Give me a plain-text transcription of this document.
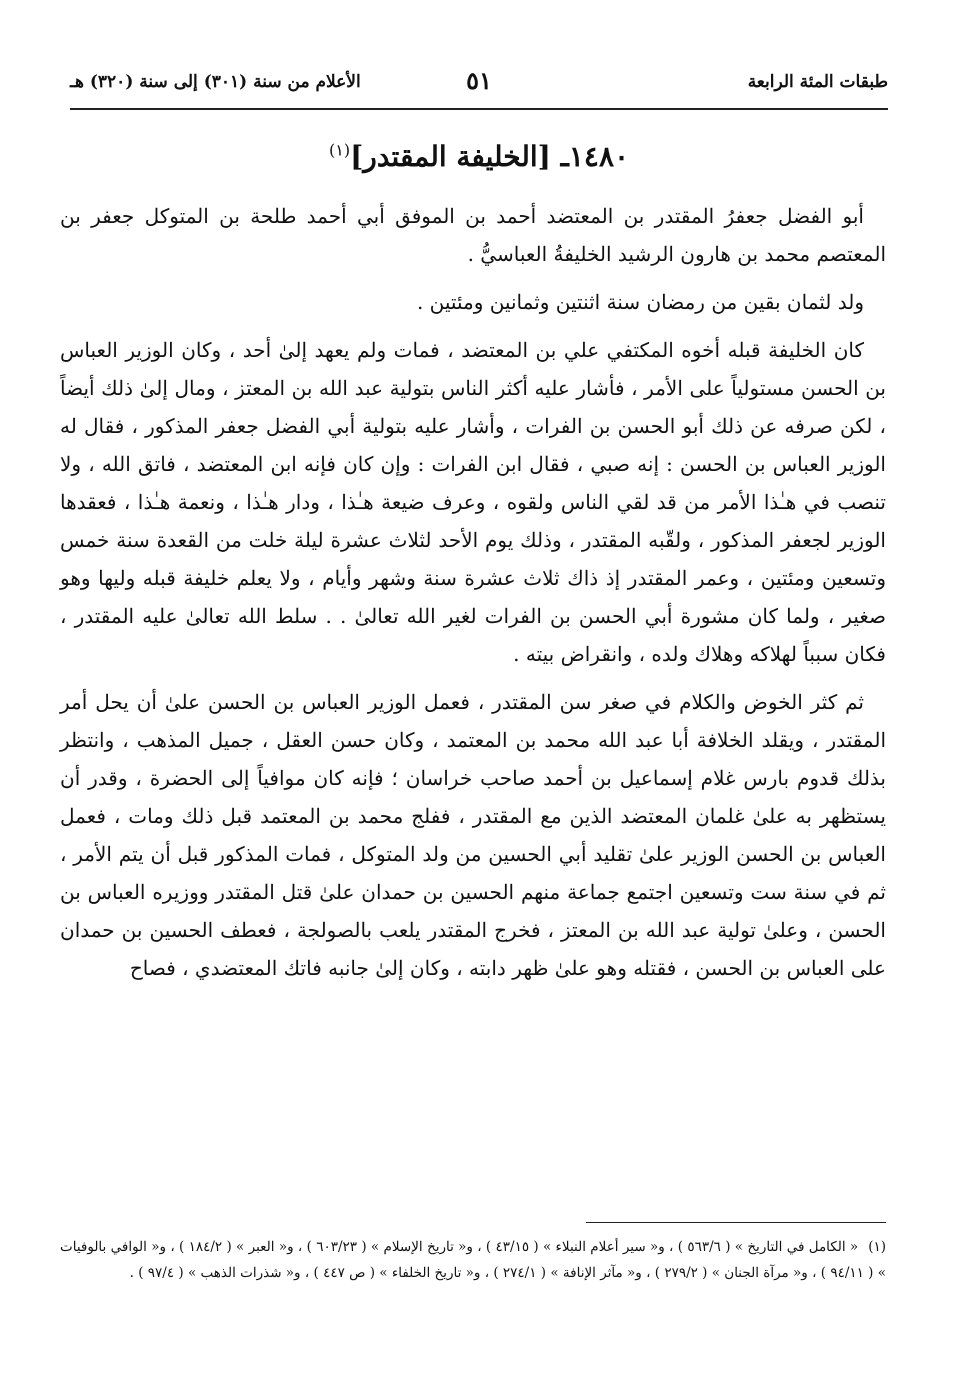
طبقات المئة الرابعة
٥١
الأعلام من سنة (٣٠١) إلى سنة (٣٢٠) هـ
١٤٨٠ـ [الخليفة المقتدر]$^{(١)}$

أبو الفضل جعفرُ المقتدر بن المعتضد أحمد بن الموفق أبي أحمد طلحة بن المتوكل جعفر بن المعتصم محمد بن هارون الرشيد الخليفةُ العباسيُّ .

ولد لثمان بقين من رمضان سنة اثنتين وثمانين ومئتين .

كان الخليفة قبله أخوه المكتفي علي بن المعتضد ، فمات ولم يعهد إلىٰ أحد ، وكان الوزير العباس بن الحسن مستولياً على الأمر ، فأشار عليه أكثر الناس بتولية عبد الله بن المعتز ، ومال إلىٰ ذلك أيضاً ، لكن صرفه عن ذلك أبو الحسن بن الفرات ، وأشار عليه بتولية أبي الفضل جعفر المذكور ، فقال له الوزير العباس بن الحسن : إنه صبي ، فقال ابن الفرات : وإن كان فإنه ابن المعتضد ، فاتق الله ، ولا تنصب في هـٰذا الأمر من قد لقي الناس ولقوه ، وعرف ضيعة هـٰذا ، ودار هـٰذا ، ونعمة هـٰذا ، فعقدها الوزير لجعفر المذكور ، ولقّبه المقتدر ، وذلك يوم الأحد لثلاث عشرة ليلة خلت من القعدة سنة خمس وتسعين ومئتين ، وعمر المقتدر إذ ذاك ثلاث عشرة سنة وشهر وأيام ، ولا يعلم خليفة قبله وليها وهو صغير ، ولما كان مشورة أبي الحسن بن الفرات لغير الله تعالىٰ . . سلط الله تعالىٰ عليه المقتدر ، فكان سبباً لهلاكه وهلاك ولده ، وانقراض بيته .

ثم كثر الخوض والكلام في صغر سن المقتدر ، فعمل الوزير العباس بن الحسن علىٰ أن يحل أمر المقتدر ، ويقلد الخلافة أبا عبد الله محمد بن المعتمد ، وكان حسن العقل ، جميل المذهب ، وانتظر بذلك قدوم بارس غلام إسماعيل بن أحمد صاحب خراسان ؛ فإنه كان موافياً إلى الحضرة ، وقدر أن يستظهر به علىٰ غلمان المعتضد الذين مع المقتدر ، ففلج محمد بن المعتمد قبل ذلك ومات ، فعمل العباس بن الحسن الوزير علىٰ تقليد أبي الحسين من ولد المتوكل ، فمات المذكور قبل أن يتم الأمر ، ثم في سنة ست وتسعين اجتمع جماعة منهم الحسين بن حمدان علىٰ قتل المقتدر ووزيره العباس بن الحسن ، وعلىٰ تولية عبد الله بن المعتز ، فخرج المقتدر يلعب بالصولجة ، فعطف الحسين بن حمدان على العباس بن الحسن ، فقتله وهو علىٰ ظهر دابته ، وكان إلىٰ جانبه فاتك المعتضدي ، فصاح

(١)« الكامل في التاريخ » ( ٥٦٣/٦ ) ، و« سير أعلام النبلاء » ( ٤٣/١٥ ) ، و« تاريخ الإسلام » ( ٦٠٣/٢٣ ) ، و« العبر » ( ١٨٤/٢ ) ، و« الوافي بالوفيات » ( ٩٤/١١ ) ، و« مرآة الجنان » ( ٢٧٩/٢ ) ، و« مآثر الإنافة » ( ٢٧٤/١ ) ، و« تاريخ الخلفاء » ( ص ٤٤٧ ) ، و« شذرات الذهب » ( ٩٧/٤ ) .
